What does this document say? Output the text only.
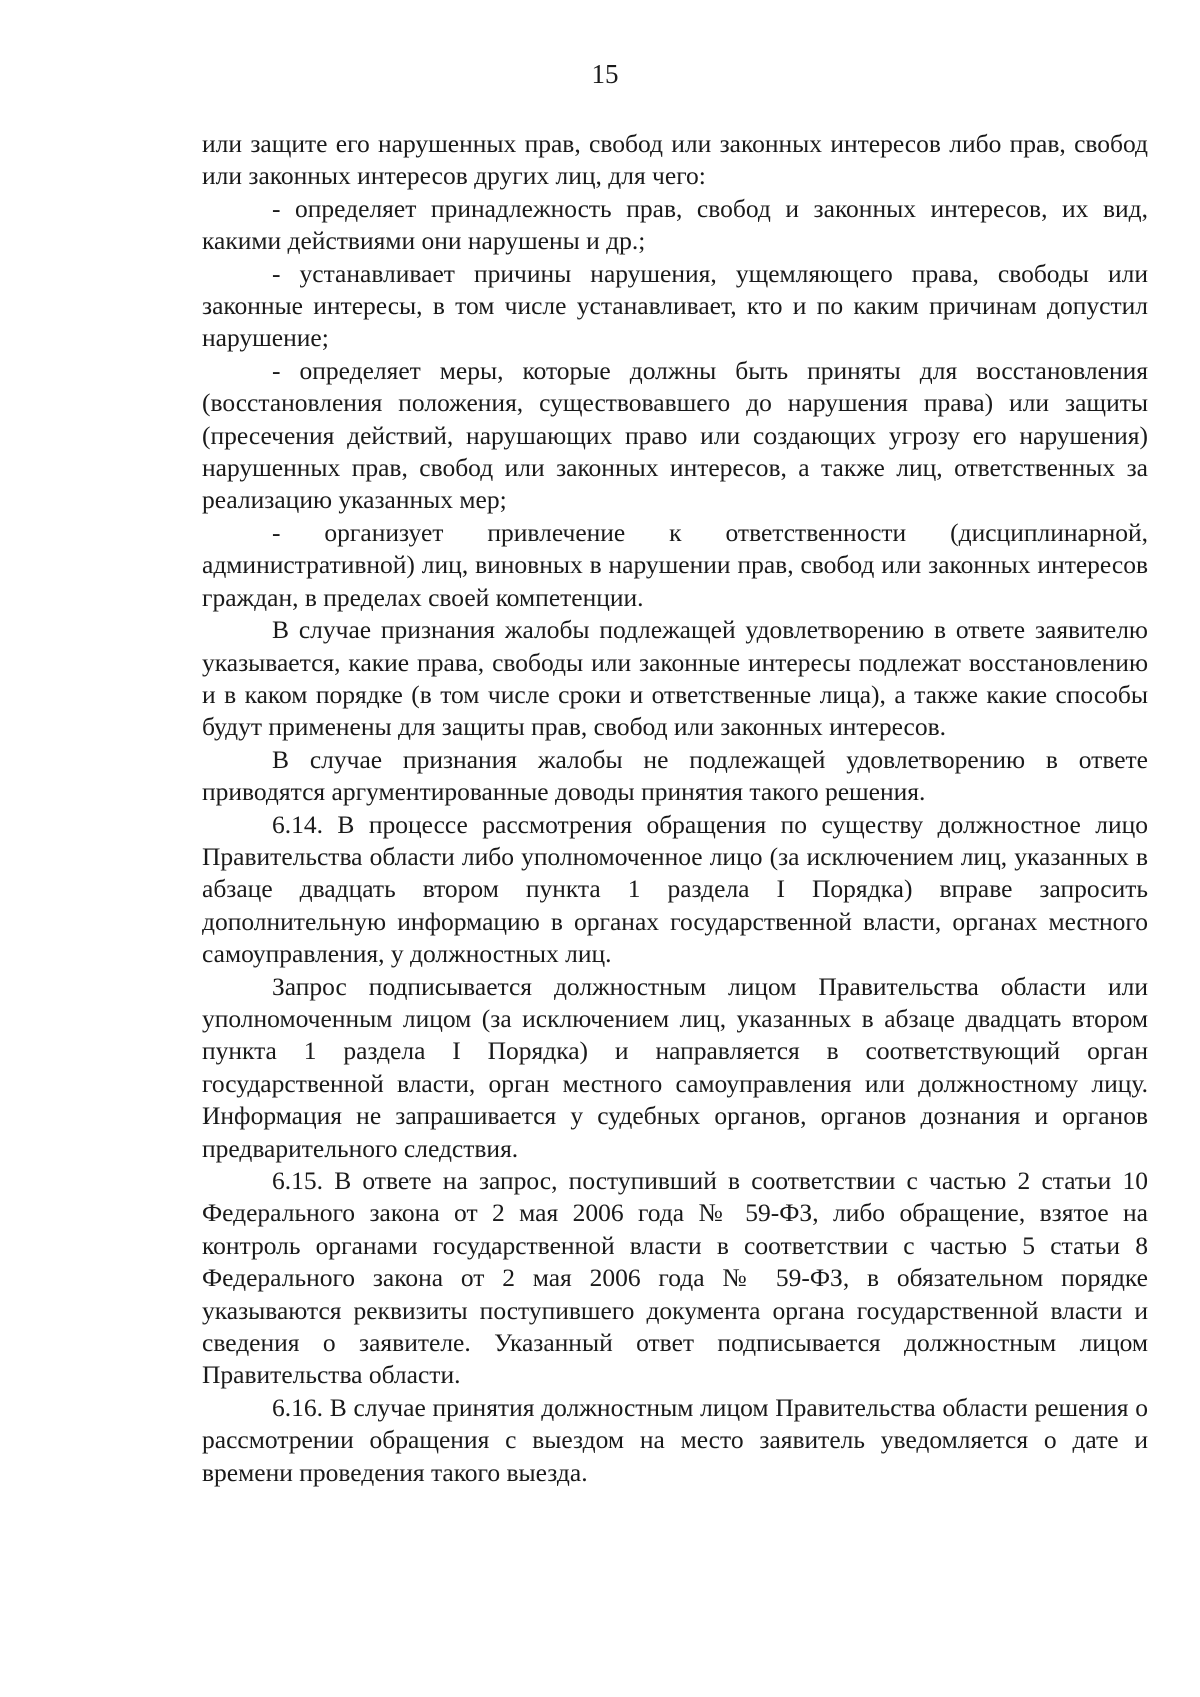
15

или защите его нарушенных прав, свобод или законных интересов либо прав, свобод или законных интересов других лиц, для чего:

- определяет принадлежность прав, свобод и законных интересов, их вид, какими действиями они нарушены и др.;

- устанавливает причины нарушения, ущемляющего права, свободы или законные интересы, в том числе устанавливает, кто и по каким причинам допустил нарушение;

- определяет меры, которые должны быть приняты для восстановления (восстановления положения, существовавшего до нарушения права) или защиты (пресечения действий, нарушающих право или создающих угрозу его нарушения) нарушенных прав, свобод или законных интересов, а также лиц, ответственных за реализацию указанных мер;

- организует привлечение к ответственности (дисциплинарной, административной) лиц, виновных в нарушении прав, свобод или законных интересов граждан, в пределах своей компетенции.

В случае признания жалобы подлежащей удовлетворению в ответе заявителю указывается, какие права, свободы или законные интересы подлежат восстановлению и в каком порядке (в том числе сроки и ответственные лица), а также какие способы будут применены для защиты прав, свобод или законных интересов.

В случае признания жалобы не подлежащей удовлетворению в ответе приводятся аргументированные доводы принятия такого решения.

6.14. В процессе рассмотрения обращения по существу должностное лицо Правительства области либо уполномоченное лицо (за исключением лиц, указанных в абзаце двадцать втором пункта 1 раздела I Порядка) вправе запросить дополнительную информацию в органах государственной власти, органах местного самоуправления, у должностных лиц.

Запрос подписывается должностным лицом Правительства области или уполномоченным лицом (за исключением лиц, указанных в абзаце двадцать втором пункта 1 раздела I Порядка) и направляется в соответствующий орган государственной власти, орган местного самоуправления или должностному лицу. Информация не запрашивается у судебных органов, органов дознания и органов предварительного следствия.

6.15. В ответе на запрос, поступивший в соответствии с частью 2 статьи 10 Федерального закона от 2 мая 2006 года № 59-ФЗ, либо обращение, взятое на контроль органами государственной власти в соответствии с частью 5 статьи 8 Федерального закона от 2 мая 2006 года № 59-ФЗ, в обязательном порядке указываются реквизиты поступившего документа органа государственной власти и сведения о заявителе. Указанный ответ подписывается должностным лицом Правительства области.

6.16. В случае принятия должностным лицом Правительства области решения о рассмотрении обращения с выездом на место заявитель уведомляется о дате и времени проведения такого выезда.
